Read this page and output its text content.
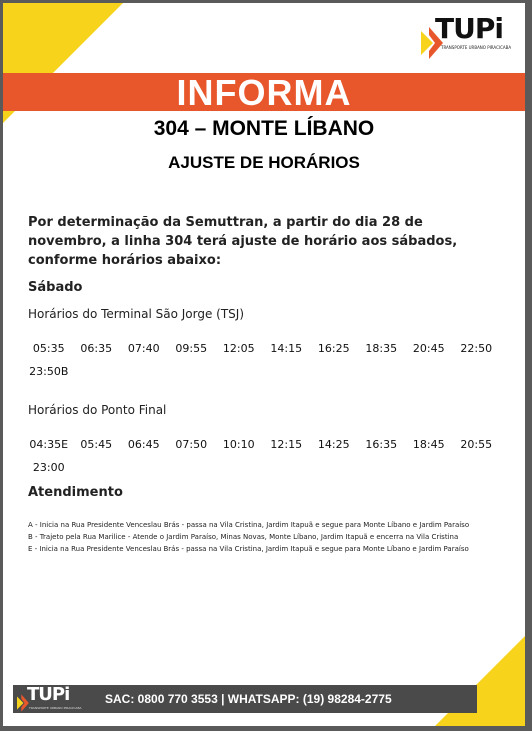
TUPi
TRANSPORTE URBANO PIRACICABA
INFORMA
304 – MONTE LÍBANO
AJUSTE DE HORÁRIOS
Por determinação da Semuttran, a partir do dia 28 de novembro, a linha 304 terá ajuste de horário aos sábados, conforme horários abaixo:
Sábado
Horários do Terminal São Jorge (TSJ)
05:35 06:35 07:40 09:55 12:05 14:15 16:25 18:35 20:45 22:5023:50B
Horários do Ponto Final
04:35E 05:45 06:45 07:50 10:10 12:15 14:25 16:35 18:45 20:5523:00
Atendimento
A - Inicia na Rua Presidente Venceslau Brás - passa na Vila Cristina, Jardim Itapuã e segue para Monte Líbano e Jardim Paraíso
B - Trajeto pela Rua Marilice - Atende o Jardim Paraíso, Minas Novas, Monte Líbano, Jardim Itapuã e encerra na Vila Cristina
E - Inicia na Rua Presidente Venceslau Brás - passa na Vila Cristina, Jardim Itapuã e segue para Monte Líbano e Jardim Paraíso
TUPi
TRANSPORTE URBANO PIRACICABA
SAC: 0800 770 3553 | WHATSAPP: (19) 98284-2775
